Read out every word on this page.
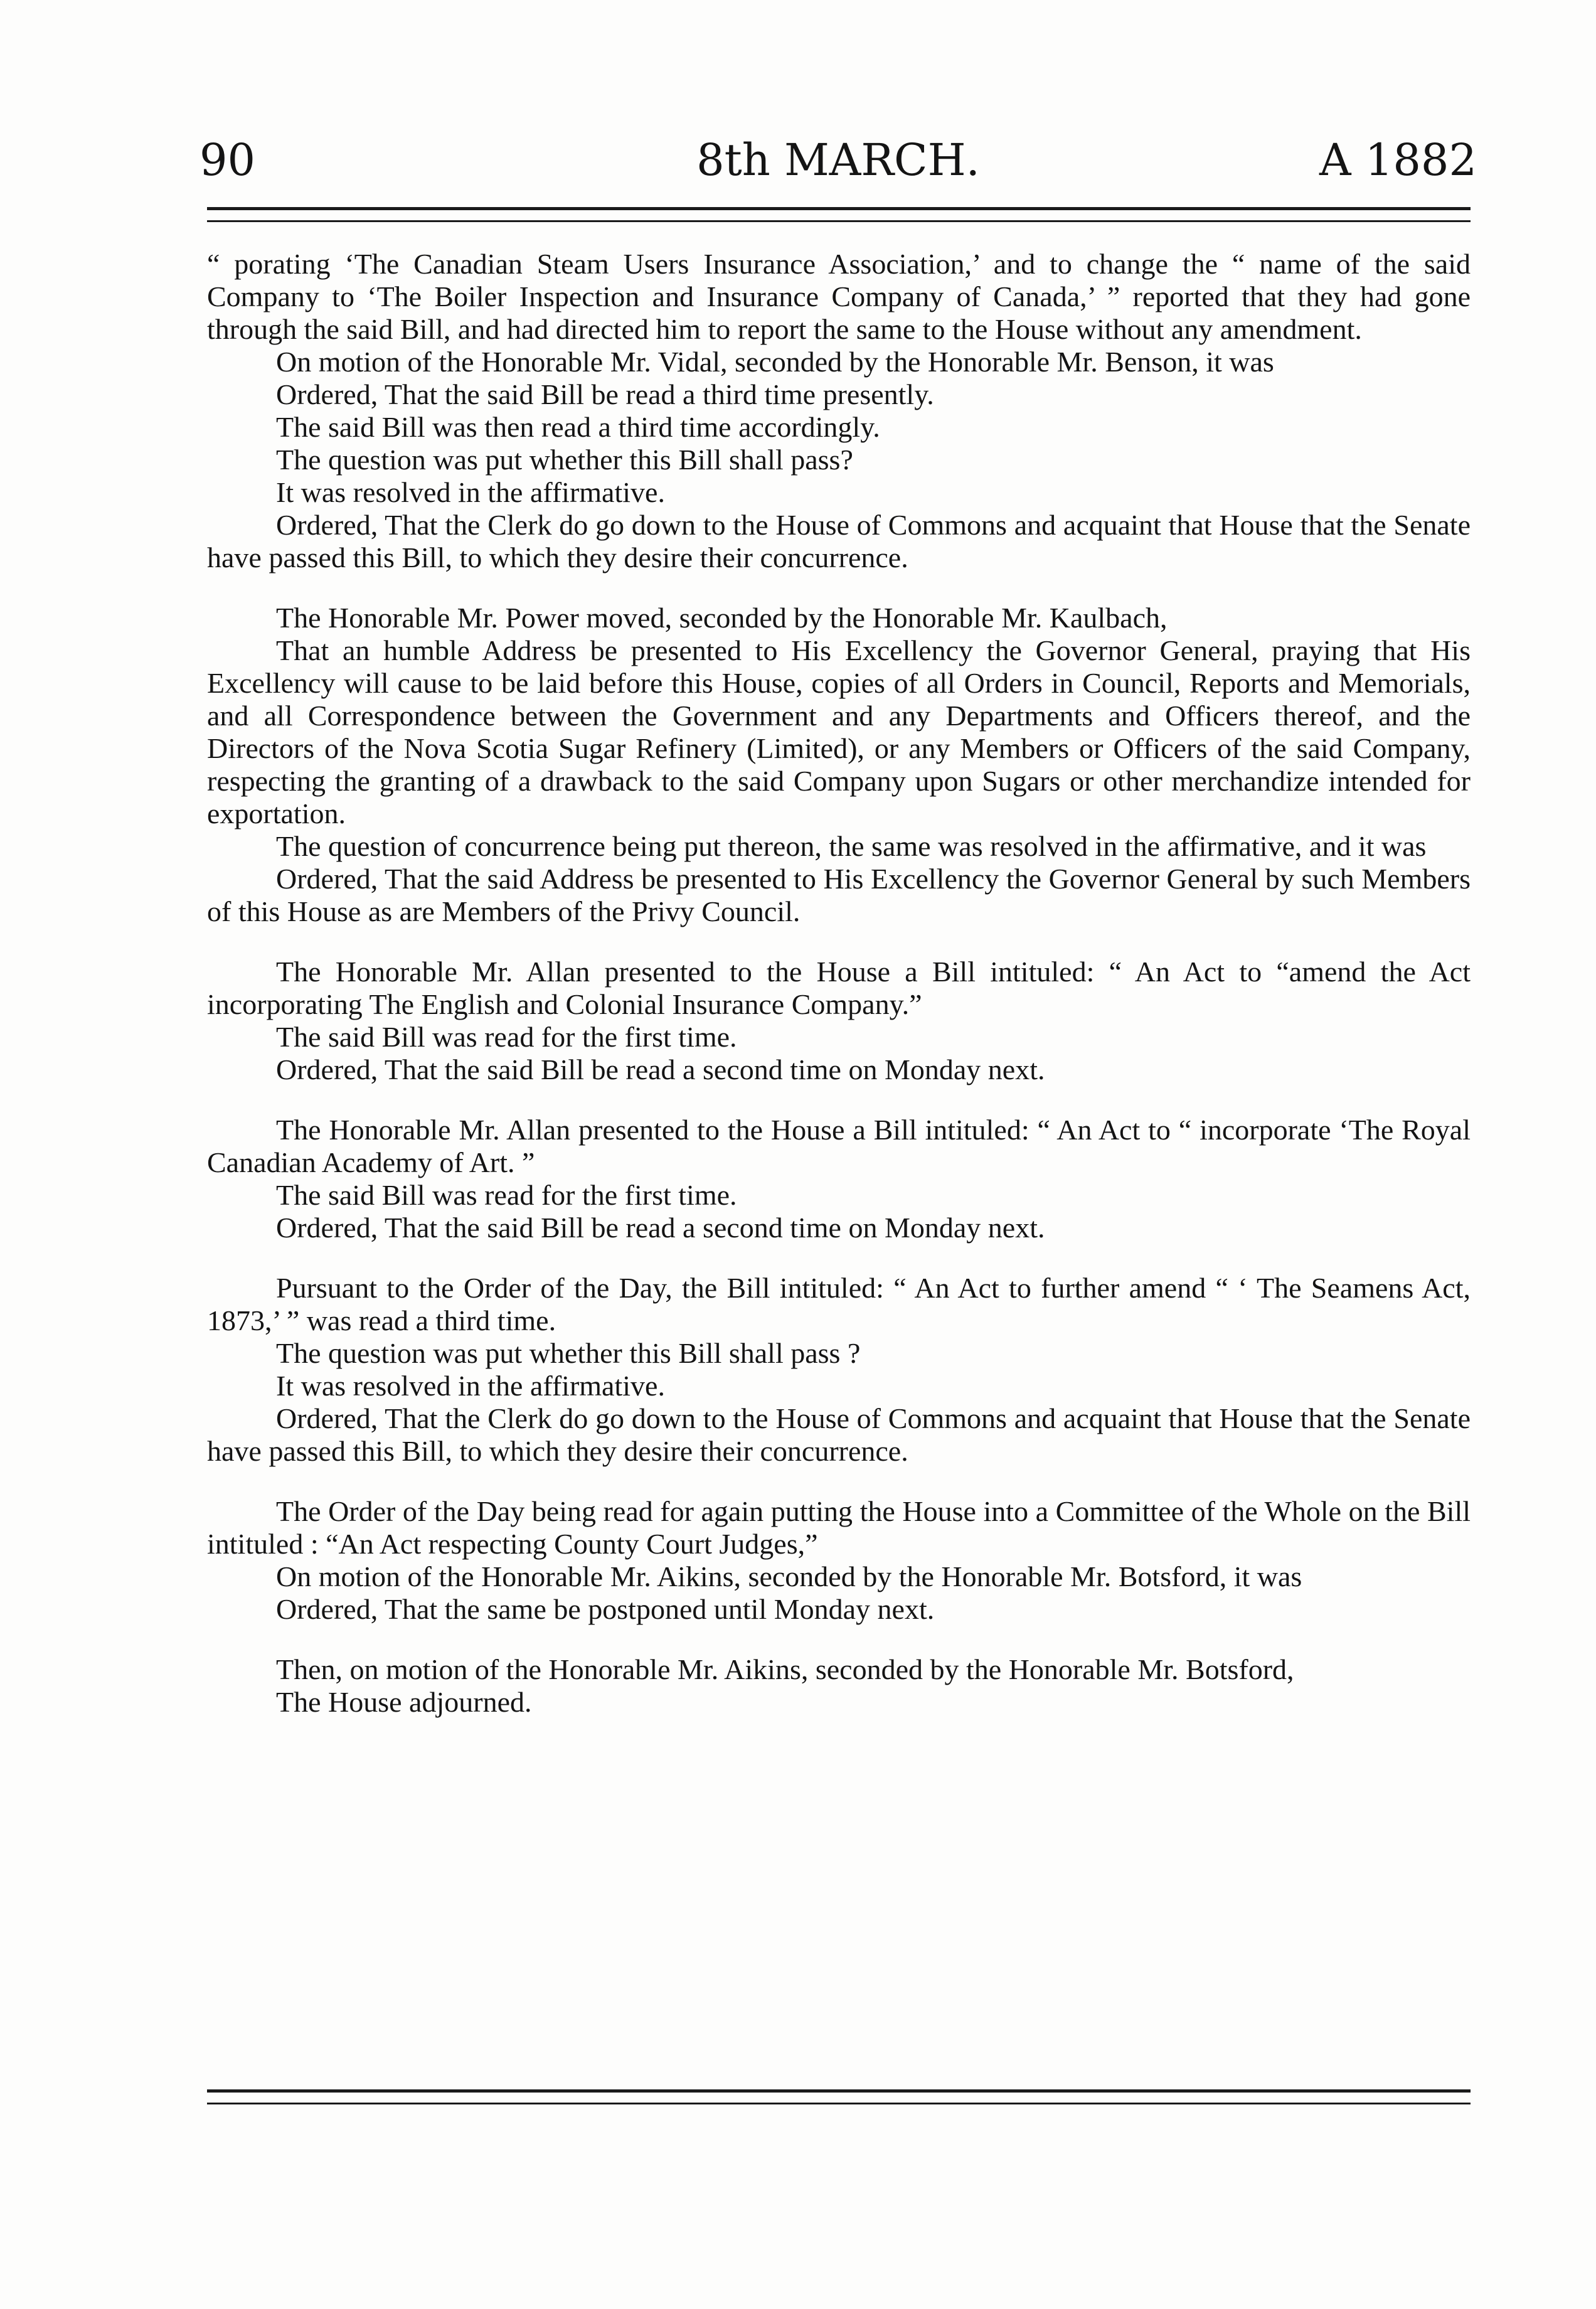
90	8th MARCH.	A 1882

“ porating ‘The Canadian Steam Users Insurance Association,’ and to change the “ name of the said Company to ‘The Boiler Inspection and Insurance Company of Canada,’ ” reported that they had gone through the said Bill, and had directed him to report the same to the House without any amendment.

On motion of the Honorable Mr. Vidal, seconded by the Honorable Mr. Benson, it was

Ordered, That the said Bill be read a third time presently.

The said Bill was then read a third time accordingly.

The question was put whether this Bill shall pass?

It was resolved in the affirmative.

Ordered, That the Clerk do go down to the House of Commons and acquaint that House that the Senate have passed this Bill, to which they desire their concurrence.

The Honorable Mr. Power moved, seconded by the Honorable Mr. Kaulbach,

That an humble Address be presented to His Excellency the Governor General, praying that His Excellency will cause to be laid before this House, copies of all Orders in Council, Reports and Memorials, and all Correspondence between the Government and any Departments and Officers thereof, and the Directors of the Nova Scotia Sugar Refinery (Limited), or any Members or Officers of the said Company, respecting the granting of a drawback to the said Company upon Sugars or other merchandize intended for exportation.

The question of concurrence being put thereon, the same was resolved in the affirmative, and it was

Ordered, That the said Address be presented to His Excellency the Governor General by such Members of this House as are Members of the Privy Council.

The Honorable Mr. Allan presented to the House a Bill intituled: “ An Act to “amend the Act incorporating The English and Colonial Insurance Company.”

The said Bill was read for the first time.

Ordered, That the said Bill be read a second time on Monday next.

The Honorable Mr. Allan presented to the House a Bill intituled: “ An Act to “ incorporate ‘The Royal Canadian Academy of Art. ”

The said Bill was read for the first time.

Ordered, That the said Bill be read a second time on Monday next.

Pursuant to the Order of the Day, the Bill intituled: “ An Act to further amend “ ‘ The Seamens Act, 1873,’ ” was read a third time.

The question was put whether this Bill shall pass ?

It was resolved in the affirmative.

Ordered, That the Clerk do go down to the House of Commons and acquaint that House that the Senate have passed this Bill, to which they desire their concurrence.

The Order of the Day being read for again putting the House into a Committee of the Whole on the Bill intituled : “An Act respecting County Court Judges,”

On motion of the Honorable Mr. Aikins, seconded by the Honorable Mr. Botsford, it was

Ordered, That the same be postponed until Monday next.

Then, on motion of the Honorable Mr. Aikins, seconded by the Honorable Mr. Botsford,

The House adjourned.
